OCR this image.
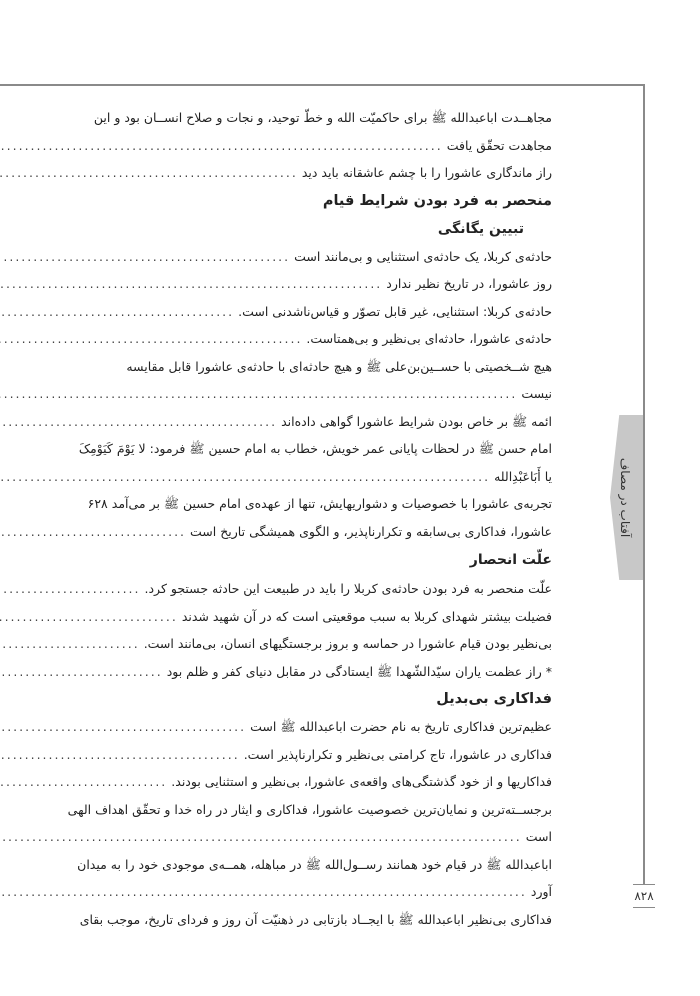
آفتاب در مصاف
۸۲۸
مجاهــدت اباعبدالله ﷺ برای حاکمیّت الله و خطّ توحید، و نجات و صلاح انســان بود و این
مجاهدت تحقّق یافت
.....
راز ماندگاری عاشورا را با چشم عاشقانه باید دید
.....
منحصر به فرد بودن شرایط قیام
تبیین یگانگی
حادثه‌ی کربلا، یک حادثه‌ی استثنایی و بی‌مانند است
.....
روز عاشورا، در تاریخ نظیر ندارد
.....
حادثه‌ی کربلا: استثنایی، غیر قابل تصوّر و قیاس‌ناشدنی است.
.....
حادثه‌ی عاشورا، حادثه‌ای بی‌نظیر و بی‌همتاست.
.....
هیچ شــخصیتی با حســین‌بن‌علی ﷺ و هیچ حادثه‌ای با حادثه‌ی عاشورا قابل مقایسه
نیست
.....
ائمه ﷺ بر خاص بودن شرایط عاشورا گواهی داده‌اند
.....
امام حسن ﷺ در لحظات پایانی عمر خویش، خطاب به امام حسین ﷺ فرمود: لا یَوْمَ کَیَوْمِکَ
یا أَبَاعَبْدِالله
.....
تجربه‌ی عاشورا با خصوصیات و دشواریهایش، تنها از عهده‌ی امام حسین ﷺ بر می‌آمد ۶۲۸
عاشورا، فداکاری بی‌سابقه و تکرارناپذیر، و الگوی همیشگی تاریخ است
.....
علّت انحصار
علّت منحصر به فرد بودن حادثه‌ی کربلا را باید در طبیعت این حادثه جستجو کرد.
.....
فضیلت بیشتر شهدای کربلا به سبب موقعیتی است که در آن شهید شدند
.....
بی‌نظیر بودن قیام عاشورا در حماسه و بروز برجستگیهای انسان، بی‌مانند است.
.....
* راز عظمت یاران سیّدالشّهدا ﷺ ایستادگی در مقابل دنیای کفر و ظلم بود
.....
فداکاری بی‌بدیل
عظیم‌ترین فداکاری تاریخ به نام حضرت اباعبدالله ﷺ است
.....
فداکاری در عاشورا، تاج کرامتی بی‌نظیر و تکرارناپذیر است.
.....
فداکاریها و از خود گذشتگی‌های واقعه‌ی عاشورا، بی‌نظیر و استثنایی بودند.
.....
برجســته‌ترین و نمایان‌ترین خصوصیت عاشورا، فداکاری و ایثار در راه خدا و تحقّق اهداف الهی
است
.....
اباعبدالله ﷺ در قیام خود همانند رســول‌الله ﷺ در مباهله، همــه‌ی موجودی خود را به میدان
آورد
.....
فداکاری بی‌نظیر اباعبدالله ﷺ با ایجــاد بازتابی در ذهنیّت آن روز و فردای تاریخ، موجب بقای
